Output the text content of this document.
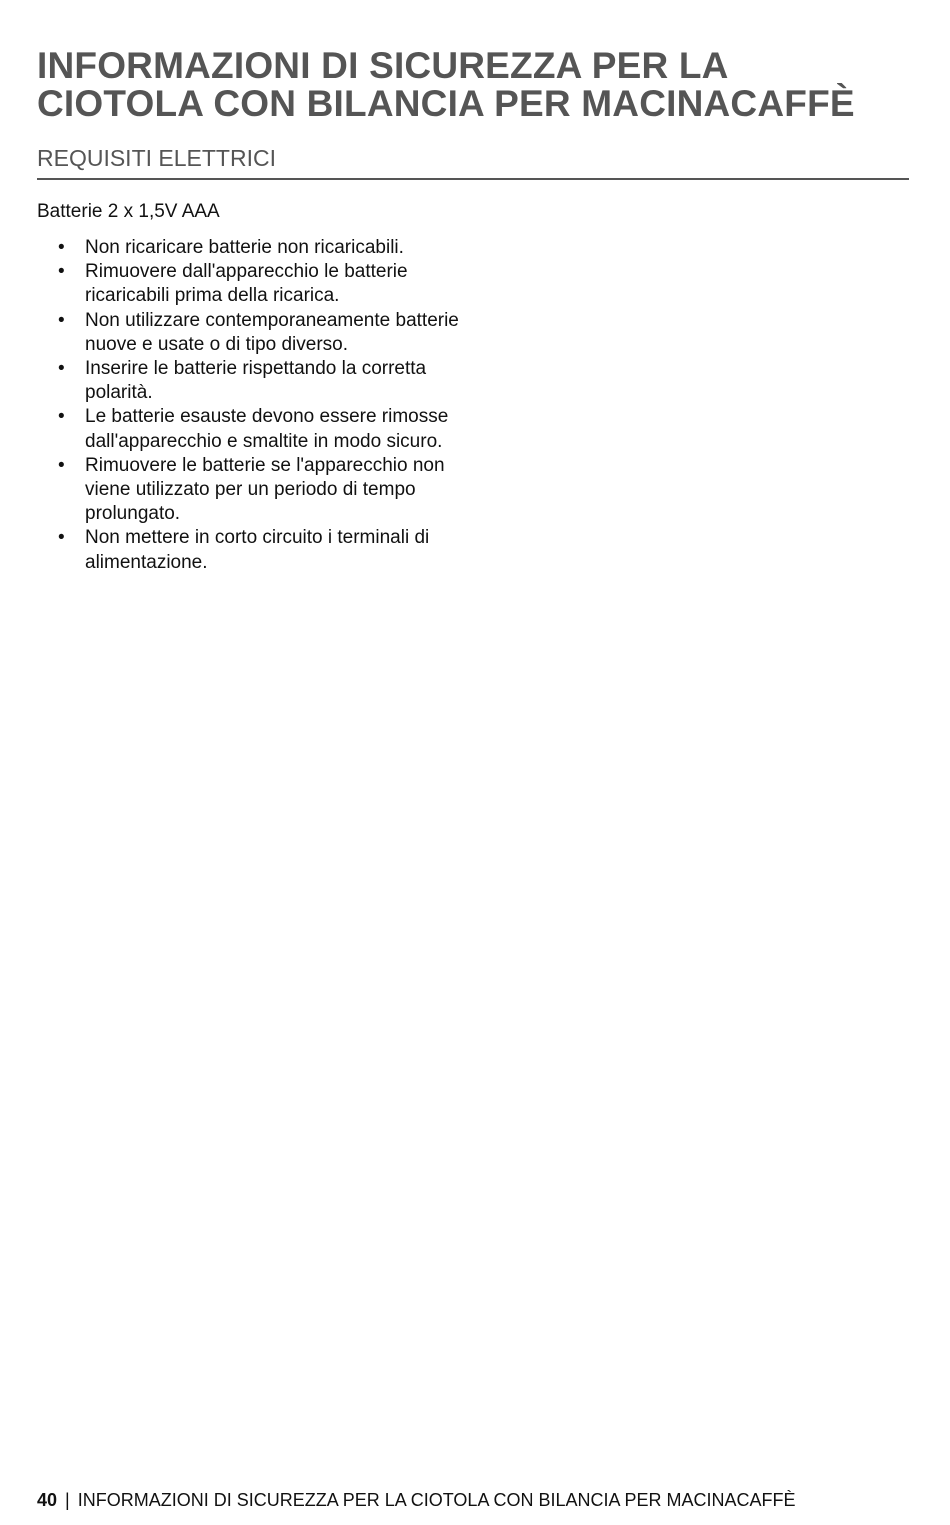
INFORMAZIONI DI SICUREZZA PER LA
CIOTOLA CON BILANCIA PER MACINACAFFÈ
REQUISITI ELETTRICI

Batterie 2 x 1,5V AAA

• Non ricaricare batterie non ricaricabili.
• Rimuovere dall'apparecchio le batterie ricaricabili prima della ricarica.
• Non utilizzare contemporaneamente batterie nuove e usate o di tipo diverso.
• Inserire le batterie rispettando la corretta polarità.
• Le batterie esauste devono essere rimosse dall'apparecchio e smaltite in modo sicuro.
• Rimuovere le batterie se l'apparecchio non viene utilizzato per un periodo di tempo prolungato.
• Non mettere in corto circuito i terminali di alimentazione.
40 | INFORMAZIONI DI SICUREZZA PER LA CIOTOLA CON BILANCIA PER MACINACAFFÈ
